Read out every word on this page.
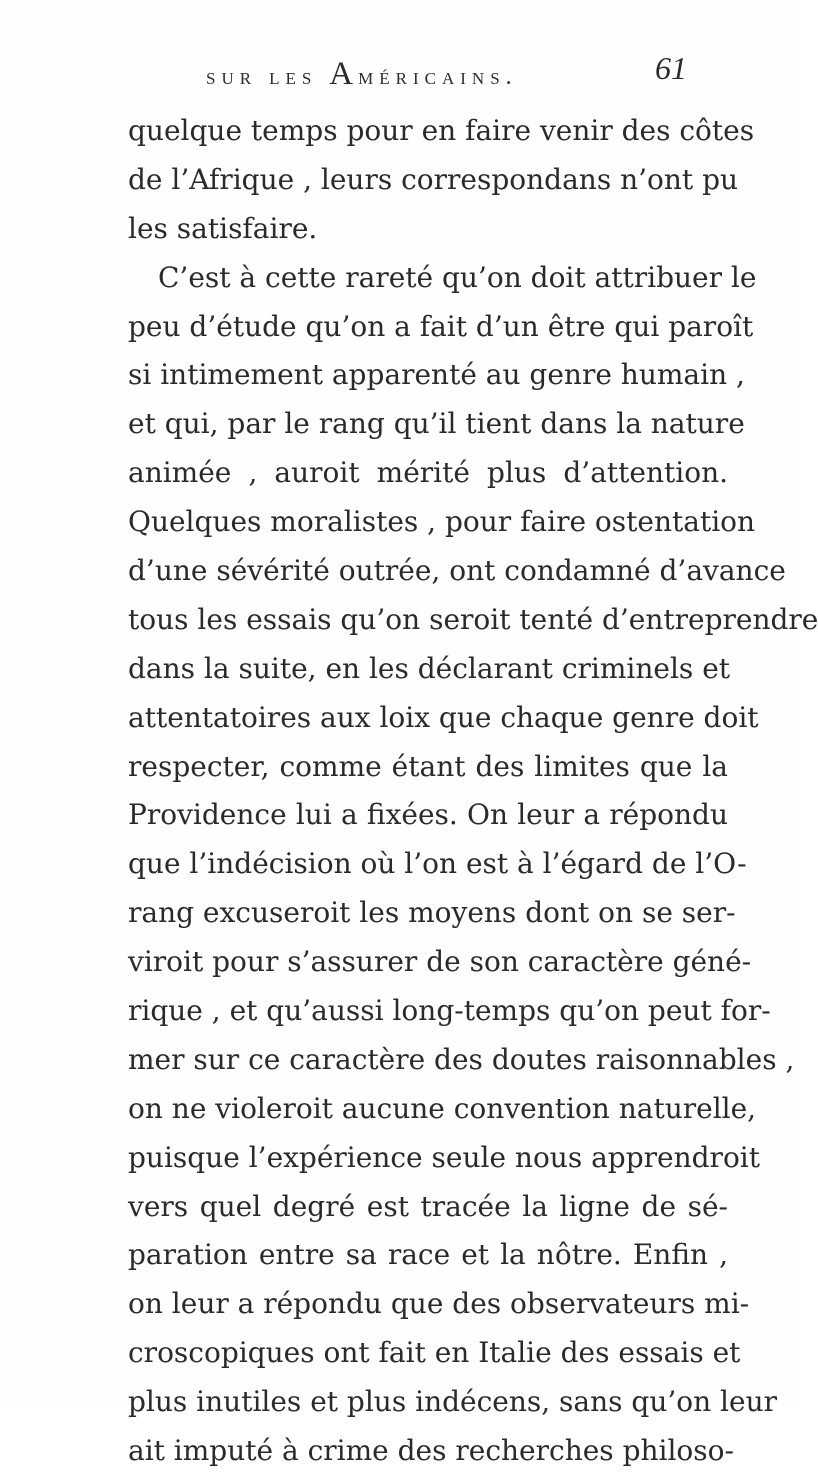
sur les Américains.	61
quelque temps pour en faire venir des côtes
de l’Afrique , leurs correspondans n’ont pu
les satisfaire.
C’est à cette rareté qu’on doit attribuer le
peu d’étude qu’on a fait d’un être qui paroît
si intimement apparenté au genre humain ,
et qui, par le rang qu’il tient dans la nature
animée , auroit mérité plus d’attention.
Quelques moralistes , pour faire ostentation
d’une sévérité outrée, ont condamné d’avance
tous les essais qu’on seroit tenté d’entreprendre
dans la suite, en les déclarant criminels et
attentatoires aux loix que chaque genre doit
respecter, comme étant des limites que la
Providence lui a fixées. On leur a répondu
que l’indécision où l’on est à l’égard de l’O-
rang excuseroit les moyens dont on se ser-
viroit pour s’assurer de son caractère géné-
rique , et qu’aussi long-temps qu’on peut for-
mer sur ce caractère des doutes raisonnables ,
on ne violeroit aucune convention naturelle,
puisque l’expérience seule nous apprendroit
vers quel degré est tracée la ligne de sé-
paration entre sa race et la nôtre. Enfin ,
on leur a répondu que des observateurs mi-
croscopiques ont fait en Italie des essais et
plus inutiles et plus indécens, sans qu’on leur
ait imputé à crime des recherches philoso-
